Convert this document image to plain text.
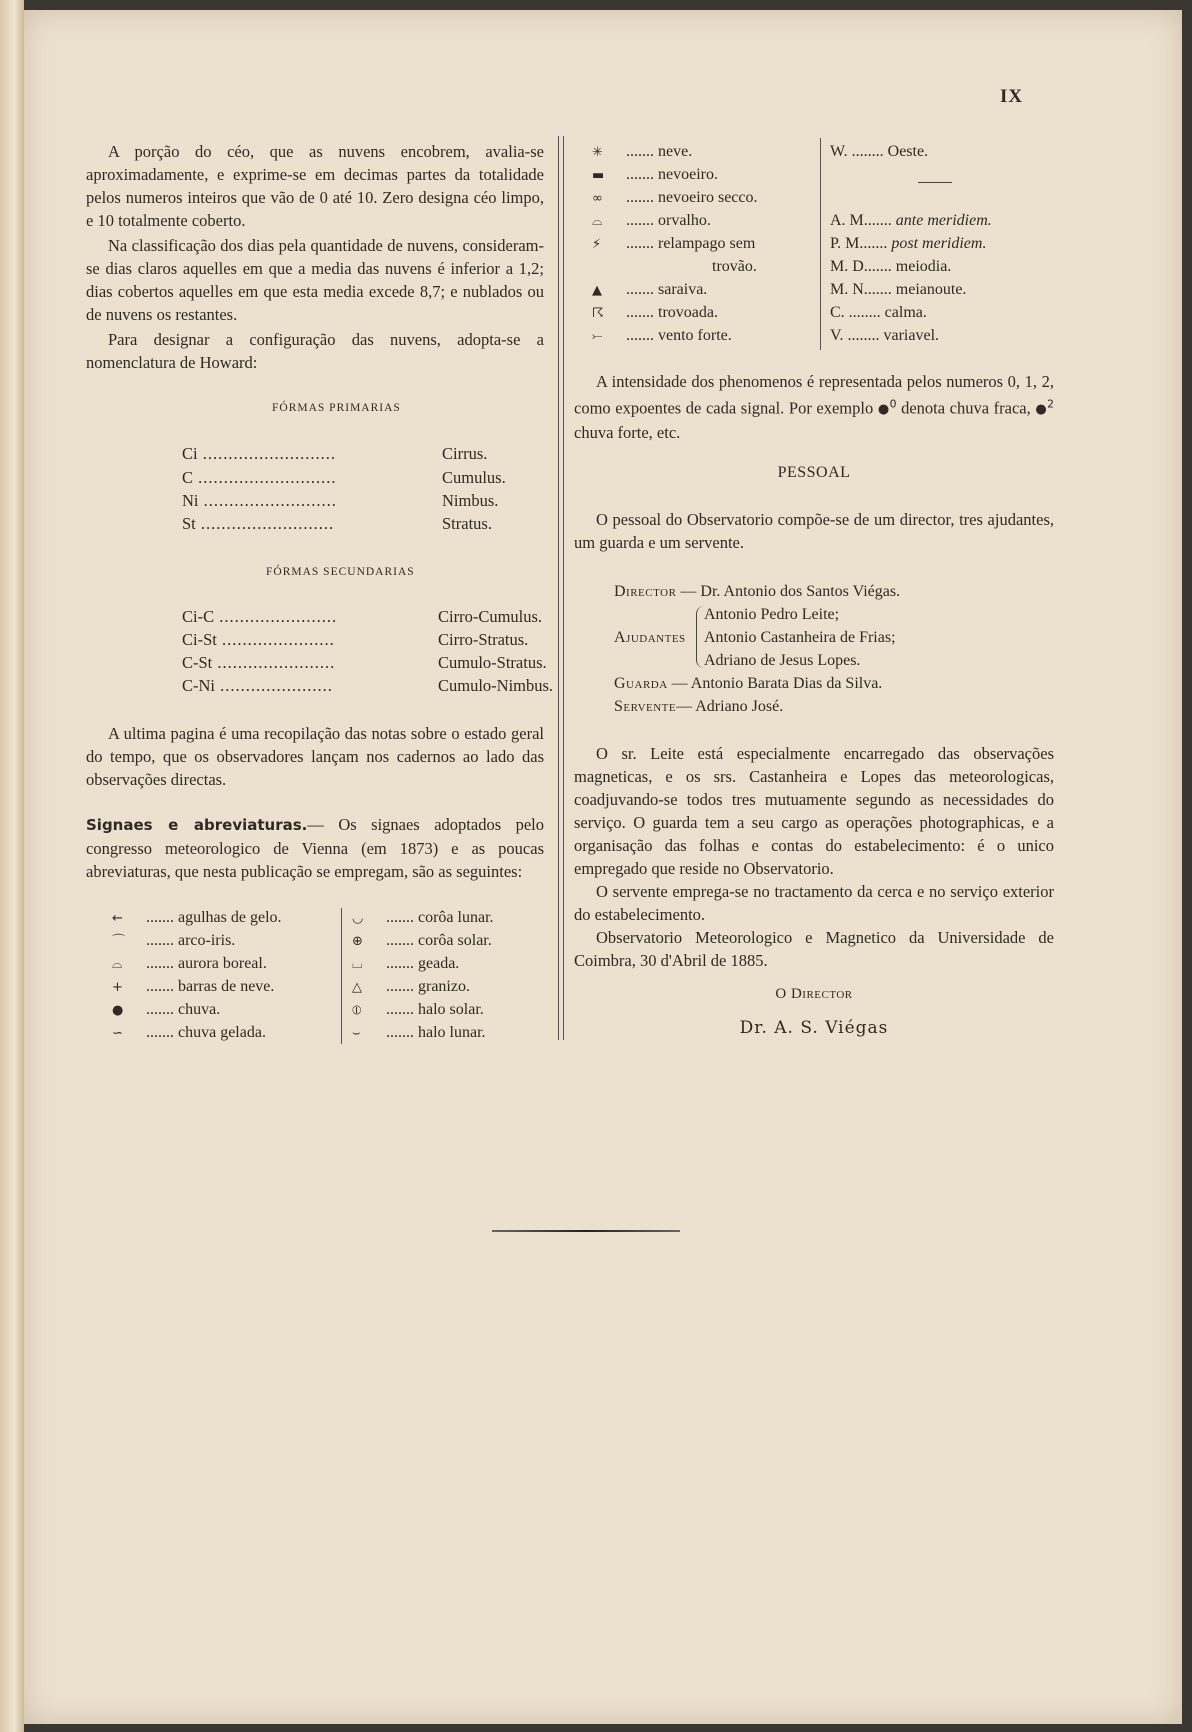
IX

A porção do céo, que as nuvens encobrem, avalia-se aproximadamente, e exprime-se em decimas partes da totalidade pelos numeros inteiros que vão de 0 até 10. Zero designa céo limpo, e 10 totalmente coberto.

Na classificação dos dias pela quantidade de nuvens, consideram-se dias claros aquelles em que a media das nuvens é inferior a 1,2; dias cobertos aquelles em que esta media excede 8,7; e nublados ou de nuvens os restantes.

Para designar a configuração das nuvens, adopta-se a nomenclatura de Howard:

FÓRMAS PRIMARIAS
Ci ..........................	Cirrus.
C ...........................	Cumulus.
Ni ..........................	Nimbus.
St ..........................	Stratus.
FÓRMAS SECUNDARIAS
Ci-C .......................	Cirro-Cumulus.
Ci-St ......................	Cirro-Stratus.
C-St .......................	Cumulo-Stratus.
C-Ni ......................	Cumulo-Nimbus.

A ultima pagina é uma recopilação das notas sobre o estado geral do tempo, que os observadores lançam nos cadernos ao lado das observações directas.

Signaes e abreviaturas.— Os signaes adoptados pelo congresso meteorologico de Vienna (em 1873) e as poucas abreviaturas, que nesta publicação se empregam, são as seguintes:

← ....... agulhas de gelo.
⌒ ....... arco-iris.
⌓ ....... aurora boreal.
+ ....... barras de neve.
● ....... chuva.
∽ ....... chuva gelada.
◡ ....... corôa lunar.
⊕ ....... corôa solar.
⌴ ....... geada.
△ ....... granizo.
⦶ ....... halo solar.
⌣ ....... halo lunar.
✳ ....... neve.
▬ ....... nevoeiro.
∞ ....... nevoeiro secco.
⌓ ....... orvalho.
⚡ ....... relampago sem
trovão.
▲ ....... saraiva.
☈ ....... trovoada.
⤚ ....... vento forte.
W. ........ Oeste.
A. M....... ante meridiem.
P. M....... post meridiem.
M. D....... meiodia.
M. N....... meianoute.
C. ........ calma.
V. ........ variavel.

A intensidade dos phenomenos é representada pelos numeros 0, 1, 2, como expoentes de cada signal. Por exemplo ●$^0$ denota chuva fraca, ●$^2$ chuva forte, etc.

PESSOAL

O pessoal do Observatorio compõe-se de um director, tres ajudantes, um guarda e um servente.

Director — Dr. Antonio dos Santos Viégas.
Ajudantes
Antonio Pedro Leite;
Antonio Castanheira de Frias;
Adriano de Jesus Lopes.
Guarda — Antonio Barata Dias da Silva.
Servente— Adriano José.

O sr. Leite está especialmente encarregado das observações magneticas, e os srs. Castanheira e Lopes das meteorologicas, coadjuvando-se todos tres mutuamente segundo as necessidades do serviço. O guarda tem a seu cargo as operações photographicas, e a organisação das folhas e contas do estabelecimento: é o unico empregado que reside no Observatorio.

O servente emprega-se no tractamento da cerca e no serviço exterior do estabelecimento.

Observatorio Meteorologico e Magnetico da Universidade de Coimbra, 30 d'Abril de 1885.

O Director
Dr. A. S. Viégas
